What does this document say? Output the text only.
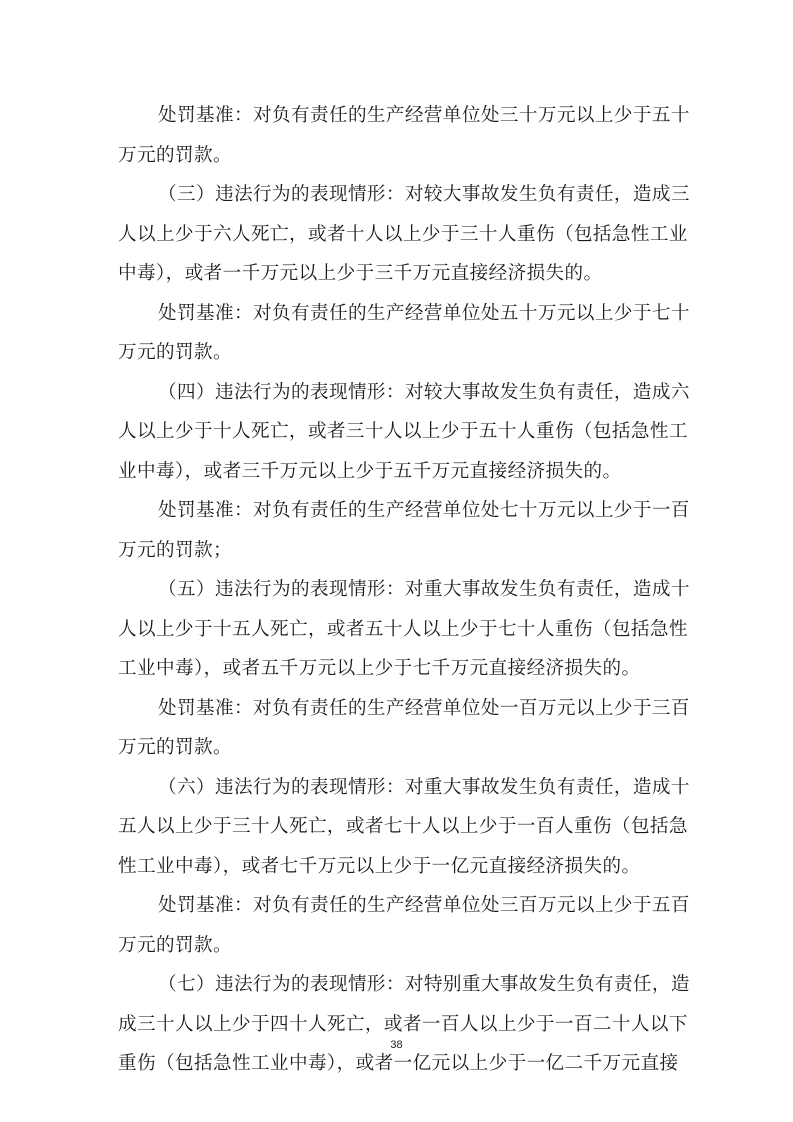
处罚基准：对负有责任的生产经营单位处三十万元以上少于五十
万元的罚款。

（三）违法行为的表现情形：对较大事故发生负有责任，造成三
人以上少于六人死亡，或者十人以上少于三十人重伤（包括急性工业
中毒），或者一千万元以上少于三千万元直接经济损失的。

处罚基准：对负有责任的生产经营单位处五十万元以上少于七十
万元的罚款。

（四）违法行为的表现情形：对较大事故发生负有责任，造成六
人以上少于十人死亡，或者三十人以上少于五十人重伤（包括急性工
业中毒），或者三千万元以上少于五千万元直接经济损失的。

处罚基准：对负有责任的生产经营单位处七十万元以上少于一百
万元的罚款；

（五）违法行为的表现情形：对重大事故发生负有责任，造成十
人以上少于十五人死亡，或者五十人以上少于七十人重伤（包括急性
工业中毒），或者五千万元以上少于七千万元直接经济损失的。

处罚基准：对负有责任的生产经营单位处一百万元以上少于三百
万元的罚款。

（六）违法行为的表现情形：对重大事故发生负有责任，造成十
五人以上少于三十人死亡，或者七十人以上少于一百人重伤（包括急
性工业中毒），或者七千万元以上少于一亿元直接经济损失的。

处罚基准：对负有责任的生产经营单位处三百万元以上少于五百
万元的罚款。

（七）违法行为的表现情形：对特别重大事故发生负有责任，造
成三十人以上少于四十人死亡，或者一百人以上少于一百二十人以下
重伤（包括急性工业中毒），或者一亿元以上少于一亿二千万元直接

38
